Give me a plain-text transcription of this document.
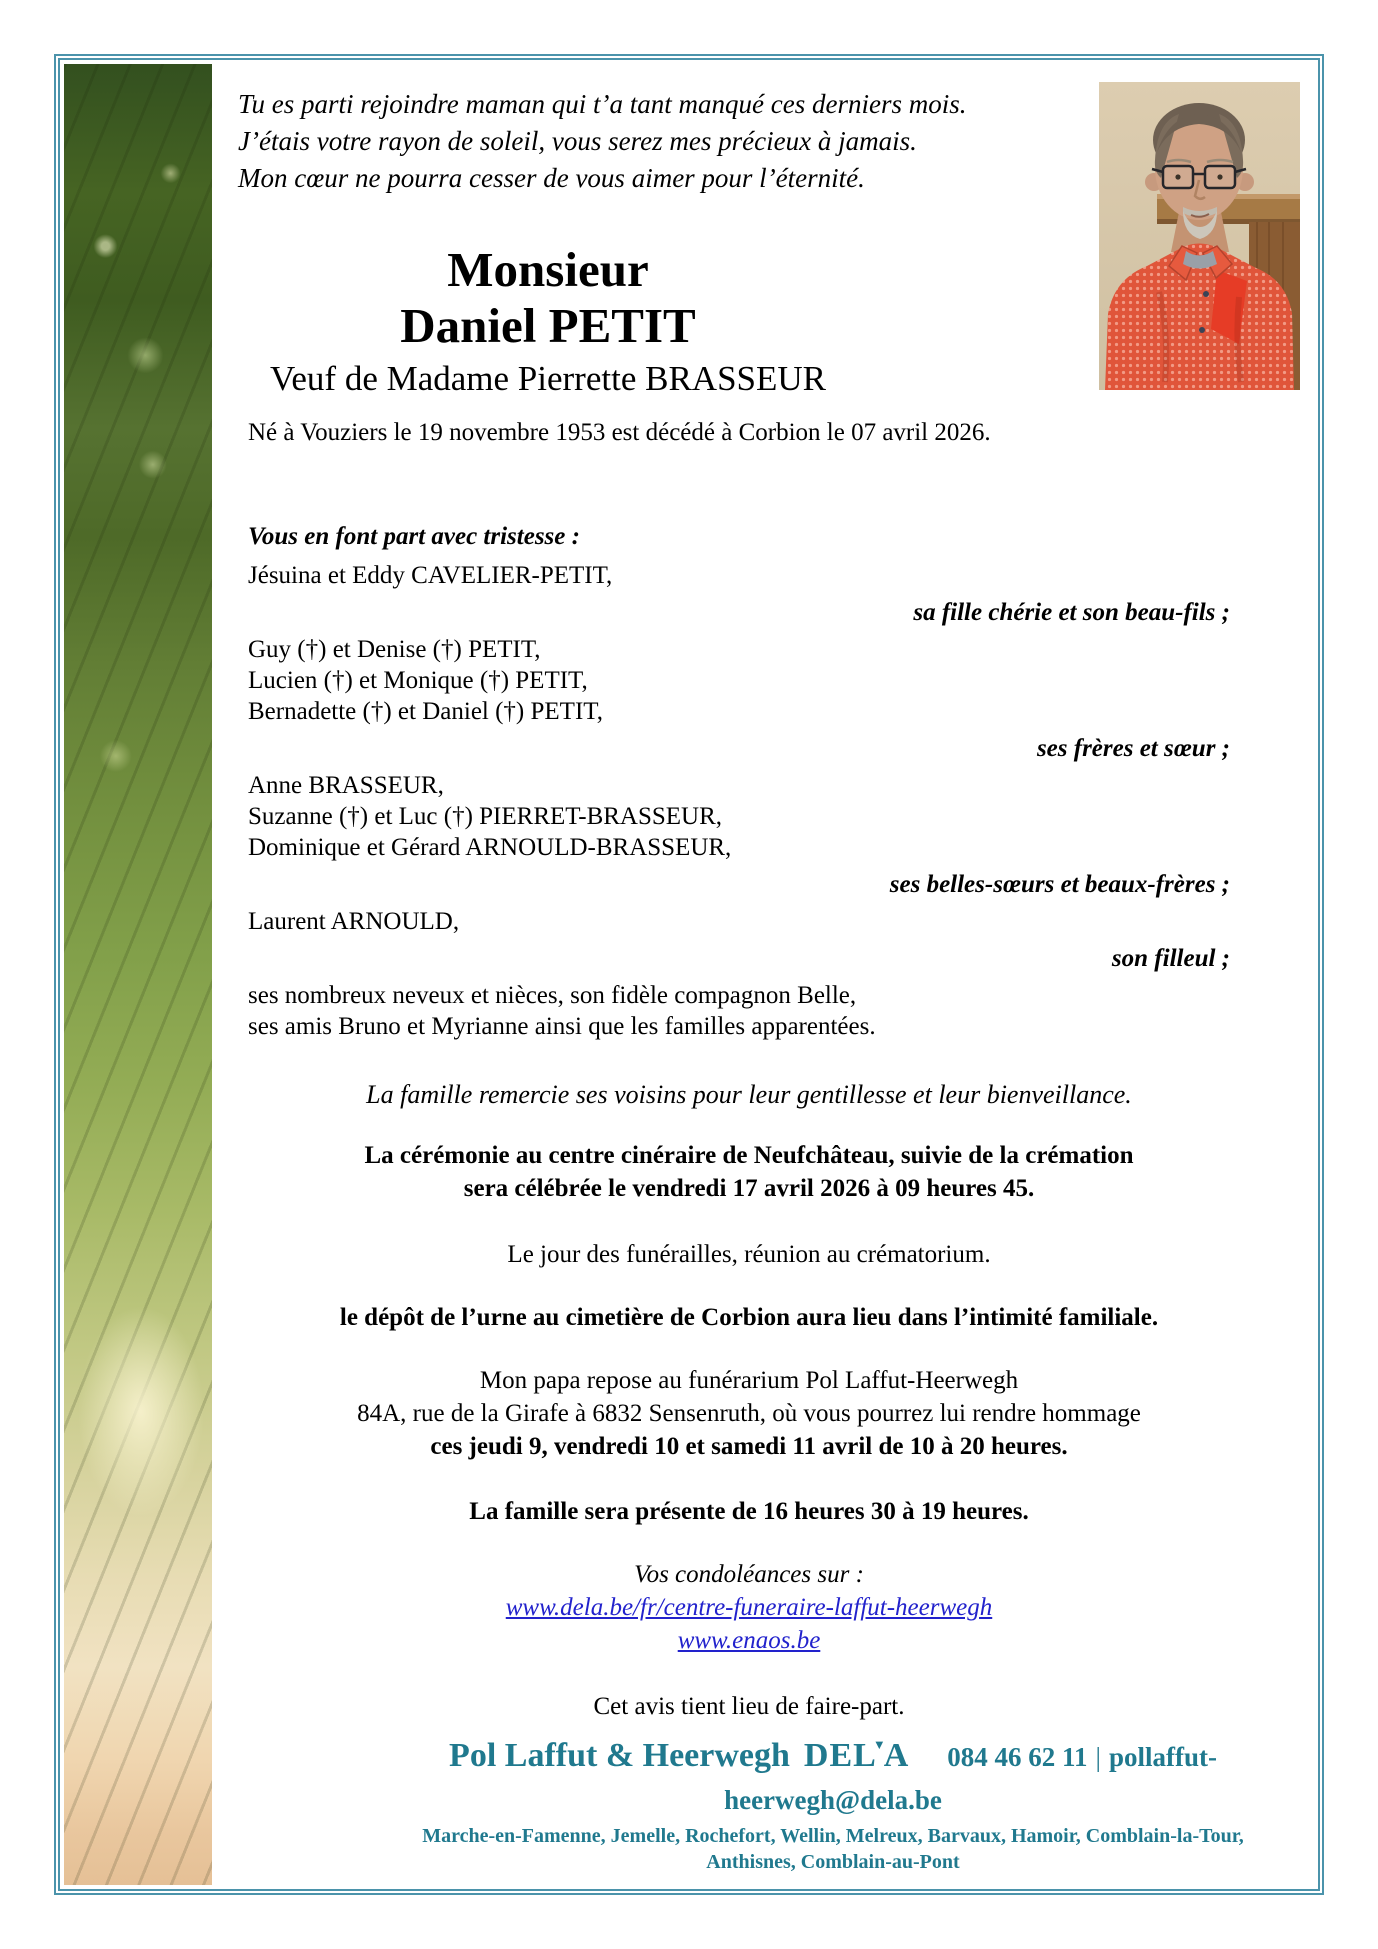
Tu es parti rejoindre maman qui t’a tant manqué ces derniers mois.
J’étais votre rayon de soleil, vous serez mes précieux à jamais.
Mon cœur ne pourra cesser de vous aimer pour l’éternité.
Monsieur
Daniel PETIT
Veuf de Madame Pierrette BRASSEUR
Né à Vouziers le 19 novembre 1953 est décédé à Corbion le 07 avril 2026.
Vous en font part avec tristesse :
Jésuina et Eddy CAVELIER-PETIT,
sa fille chérie et son beau-fils ;
Guy (†) et Denise (†) PETIT,
Lucien (†) et Monique (†) PETIT,
Bernadette (†) et Daniel (†) PETIT,
ses frères et sœur ;
Anne BRASSEUR,
Suzanne (†) et Luc (†) PIERRET-BRASSEUR,
Dominique et Gérard ARNOULD-BRASSEUR,
ses belles-sœurs et beaux-frères ;
Laurent ARNOULD,
son filleul ;
ses nombreux neveux et nièces, son fidèle compagnon Belle,
ses amis Bruno et Myrianne ainsi que les familles apparentées.
La famille remercie ses voisins pour leur gentillesse et leur bienveillance.
La cérémonie au centre cinéraire de Neufchâteau, suivie de la crémation
sera célébrée le vendredi 17 avril 2026 à 09 heures 45.
Le jour des funérailles, réunion au crématorium.
le dépôt de l’urne au cimetière de Corbion aura lieu dans l’intimité familiale.
Mon papa repose au funérarium Pol Laffut-Heerwegh
84A, rue de la Girafe à 6832 Sensenruth, où vous pourrez lui rendre hommage
ces jeudi 9, vendredi 10 et samedi 11 avril de 10 à 20 heures.
La famille sera présente de 16 heures 30 à 19 heures.
Vos condoléances sur :
www.dela.be/fr/centre-funeraire-laffut-heerwegh
www.enaos.be
Cet avis tient lieu de faire-part.
Pol Laffut & Heerwegh DEL▼A 084 46 62 11 | pollaffut-heerwegh@dela.be
Marche-en-Famenne, Jemelle, Rochefort, Wellin, Melreux, Barvaux, Hamoir, Comblain-la-Tour, Anthisnes, Comblain-au-Pont
